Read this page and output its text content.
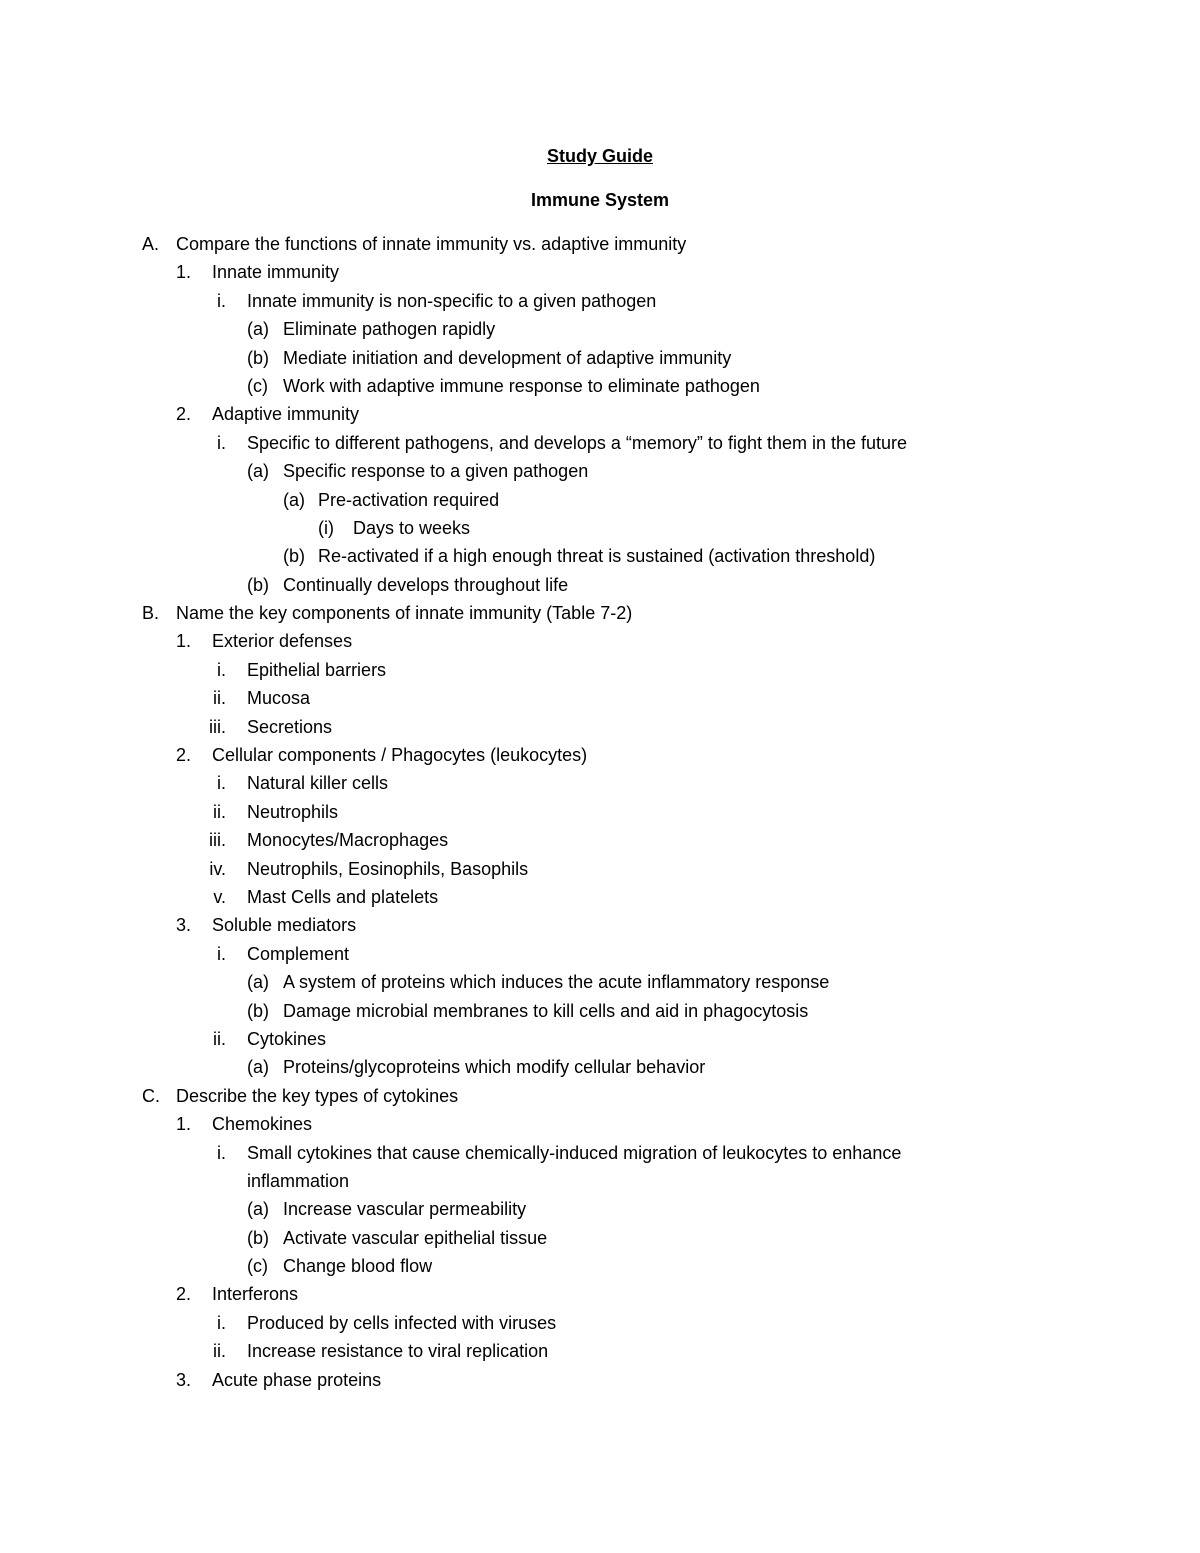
Study Guide
Immune System
A. Compare the functions of innate immunity vs. adaptive immunity
1. Innate immunity
i. Innate immunity is non-specific to a given pathogen
(a) Eliminate pathogen rapidly
(b) Mediate initiation and development of adaptive immunity
(c) Work with adaptive immune response to eliminate pathogen
2. Adaptive immunity
i. Specific to different pathogens, and develops a “memory” to fight them in the future
(a) Specific response to a given pathogen
(a) Pre-activation required
(i) Days to weeks
(b) Re-activated if a high enough threat is sustained (activation threshold)
(b) Continually develops throughout life
B. Name the key components of innate immunity (Table 7-2)
1. Exterior defenses
i. Epithelial barriers
ii. Mucosa
iii. Secretions
2. Cellular components / Phagocytes (leukocytes)
i. Natural killer cells
ii. Neutrophils
iii. Monocytes/Macrophages
iv. Neutrophils, Eosinophils, Basophils
v. Mast Cells and platelets
3. Soluble mediators
i. Complement
(a) A system of proteins which induces the acute inflammatory response
(b) Damage microbial membranes to kill cells and aid in phagocytosis
ii. Cytokines
(a) Proteins/glycoproteins which modify cellular behavior
C. Describe the key types of cytokines
1. Chemokines
i. Small cytokines that cause chemically-induced migration of leukocytes to enhance
inflammation
(a) Increase vascular permeability
(b) Activate vascular epithelial tissue
(c) Change blood flow
2. Interferons
i. Produced by cells infected with viruses
ii. Increase resistance to viral replication
3. Acute phase proteins
